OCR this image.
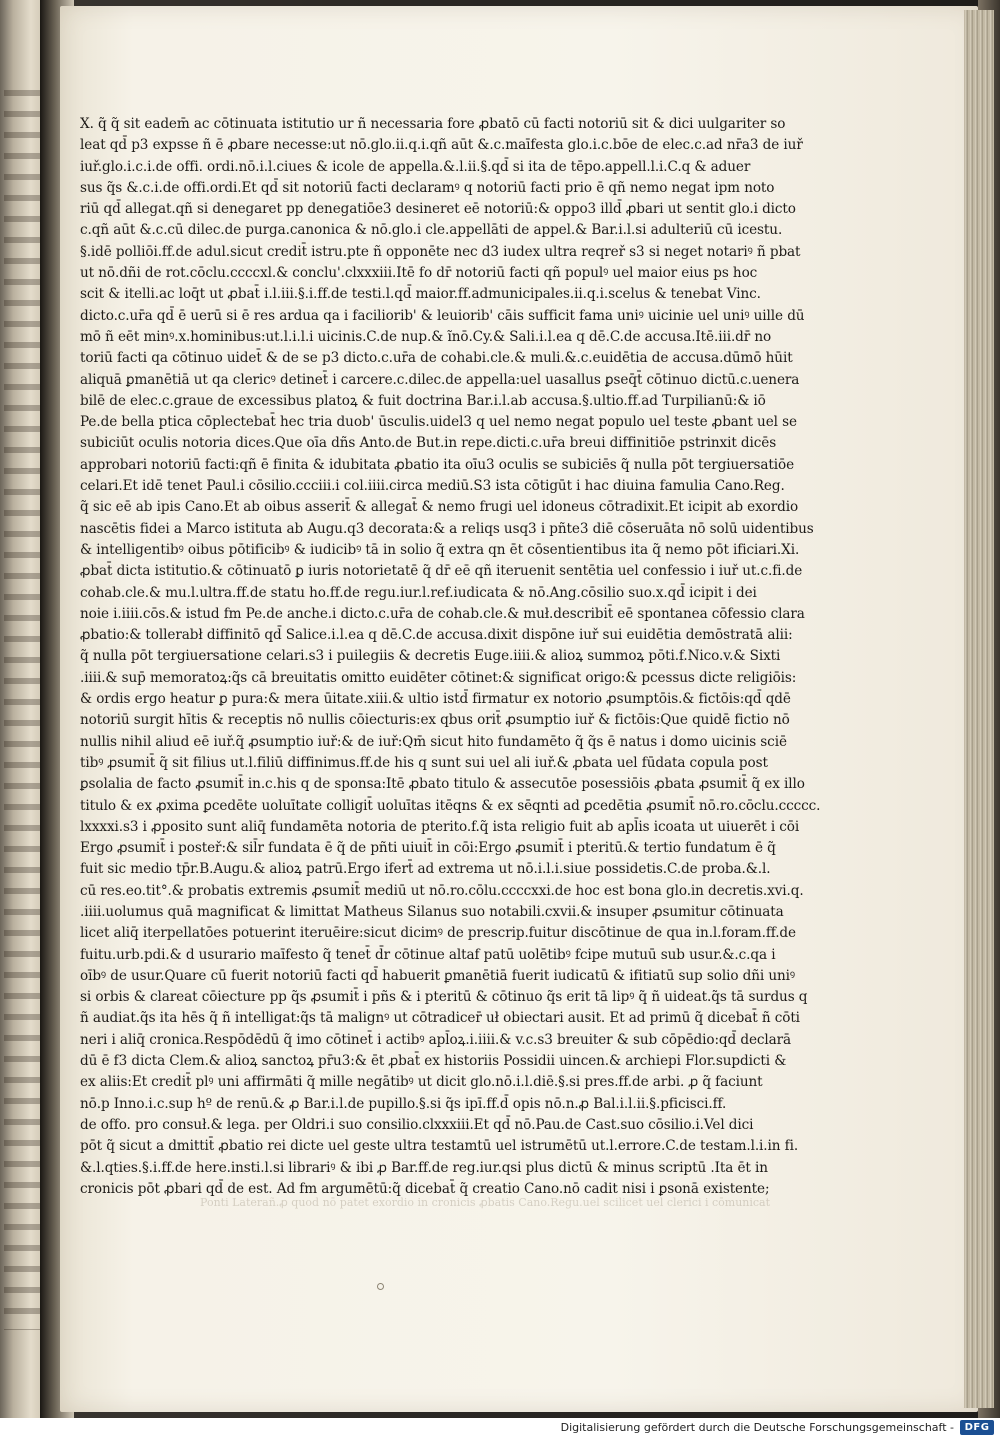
X. q̃ q̃ sit eadem̄ ac cōtinuata istitutio ur ñ necessaria fore ꝓbatō cū facti notoriū sit & dici uulgariter so
leat qd̄ p3 expsse ñ ē ꝓbare necesse:ut nō.glo.ii.q.i.qñ aūt &.c.maīfesta glo.i.c.bōe de elec.c.ad nr̄a3 de iuř
iuř.glo.i.c.i.de offi. ordi.nō.i.l.ciues & icole de appella.&.l.ii.§.qd̄ si ita de tēpo.appell.l.i.C.q & aduer
sus q̃s &.c.i.de offi.ordi.Et qd̄ sit notoriū facti declaramꝰ q notoriū facti prio ē qñ nemo negat ipm noto
riū qd̄ allegat.qñ si denegaret pp denegatiōe3 desineret eē notoriū:& oppo3 illd̄ ꝓbari ut sentit glo.i dicto
c.qñ aūt &.c.cū dilec.de purga.canonica & nō.glo.i cle.appellāti de appel.& Bar.i.l.si adulteriū cū icestu.
§.idē polliōi.ff.de adul.sicut credit̄ istru.pte ñ opponēte nec d3 iudex ultra reqreř s3 si neget notariꝰ ñ pbat
ut nō.dñi de rot.cōclu.ccccxl.& conclu'.clxxxiii.Itē fo dr̄ notoriū facti qñ populꝰ uel maior eius ps hoc
scit & itelli.ac loq̄t ut ꝓbat̄ i.l.iii.§.i.ff.de testi.l.qd̄ maior.ff.admunicipales.ii.q.i.scelus & tenebat Vinc.
dicto.c.ur̄a qd̄ ē uerū si ē res ardua qa i faciliorib' & leuiorib' cāis sufficit fama uniꝰ uicinie uel uniꝰ uille dū
mō ñ eēt minꝰ.x.hominibus:ut.l.i.l.i uicinis.C.de nup.& ĩnō.Cy.& Sali.i.l.ea q dē.C.de accusa.Itē.iii.dr̄ no
toriū facti qa cōtinuo uidet̄ & de se p3 dicto.c.ur̄a de cohabi.cle.& muli.&.c.euidētia de accusa.dūmō hūit
aliquā ꝑmanētiā ut qa clericꝰ detinet̄ i carcere.c.dilec.de appella:uel uasallus ꝑseq̄t̄ cōtinuo dictū.c.uenera
bilē de elec.c.graue de excessibus platoꝝ & fuit doctrina Bar.i.l.ab accusa.§.ultio.ff.ad Turpilianū:& iō
Pe.de bella ptica cōplectebat̄ hec tria duob' ūsculis.uidel3 q uel nemo negat populo uel teste ꝓbant uel se
subiciūt oculis notoria dices.Que oīa dñs Anto.de But.in repe.dicti.c.ur̄a breui diffinitiōe pstrinxit dicēs
approbari notoriū facti:qñ ē finita & idubitata ꝓbatio ita oīu3 oculis se subiciēs q̃ nulla pōt tergiuersatiōe
celari.Et idē tenet Paul.i cōsilio.ccciii.i col.iiii.circa mediū.S3 ista cōtigūt i hac diuina famulia Cano.Reg.
q̃ sic eē ab ipis Cano.Et ab oibus asserit̄ & allegat̄ & nemo frugi uel idoneus cōtradixit.Et icipit ab exordio
nascētis fidei a Marco istituta ab Augu.q3 decorata:& a reliqs usq3 i pñte3 diē cōseruāta nō solū uidentibus
& intelligentibꝰ oibus pōtificibꝰ & iudicibꝰ tā in solio q̃ extra qn ēt cōsentientibus ita q̃ nemo pōt ificiari.Xi.
ꝓbat̄ dicta istitutio.& cōtinuatō ꝑ iuris notorietatē q̃ dr̄ eē qñ iteruenit sentētia uel confessio i iuř ut.c.fi.de
cohab.cle.& mu.l.ultra.ff.de statu ho.ff.de regu.iur.l.ref.iudicata & nō.Ang.cōsilio suo.x.qd̄ icipit i dei
noie i.iiii.cōs.& istud fm Pe.de anche.i dicto.c.ur̄a de cohab.cle.& muł.describit̄ eē spontanea cōfessio clara
ꝓbatio:& tollerabł diffinitō qd̄ Salice.i.l.ea q dē.C.de accusa.dixit dispōne iuř sui euidētia demōstratā alii:
q̃ nulla pōt tergiuersatione celari.s3 i puilegiis & decretis Euge.iiii.& alioꝝ summoꝝ pōti.f.Nico.v.& Sixti
.iiii.& sup̄ memoratoꝝ:q̃s cā breuitatis omitto euidēter cōtinet:& significat origo:& pcessus dicte religiōis:
& ordis ergo heatur ꝑ pura:& mera ūitate.xiii.& ultio istd̄ firmatur ex notorio ꝓsumptōis.& fictōis:qd̄ qdē
notoriū surgit hītis & receptis nō nullis cōiecturis:ex qbus orit̄ ꝓsumptio iuř & fictōis:Que quidē fictio nō
nullis nihil aliud eē iuř.q̃ ꝓsumptio iuř:& de iuř:Qm̄ sicut hito fundamēto q̃ q̃s ē natus i domo uicinis sciē
tibꝰ ꝓsumit̄ q̃ sit filius ut.l.filiū diffinimus.ff.de his q sunt sui uel ali iuř.& ꝓbata uel fūdata copula post
ꝑsolalia de facto ꝓsumit̄ in.c.his q de sponsa:Itē ꝓbato titulo & assecutōe posessiōis ꝓbata ꝓsumit̄ q̃ ex illo
titulo & ex ꝓxima ꝑcedēte uoluītate colligit̄ uoluītas itēqns & ex sēqnti ad ꝑcedētia ꝓsumit̄ nō.ro.cōclu.ccccc.
lxxxxi.s3 i ꝓposito sunt aliq̄ fundamēta notoria de pterito.f.q̃ ista religio fuit ab apl̄is icoata ut uiuerēt i cōi
Ergo ꝓsumit̄ i posteř:& sil̄r fundata ē q̃ de pñti uiuit̄ in cōi:Ergo ꝓsumit̄ i pteritū.& tertio fundatum ē q̃
fuit sic medio tp̄r.B.Augu.& alioꝝ patrū.Ergo ifert̄ ad extrema ut nō.i.l.i.siue possidetis.C.de proba.&.l.
cū res.eo.tit°.& probatis extremis ꝓsumit̄ mediū ut nō.ro.cōlu.ccccxxi.de hoc est bona glo.in decretis.xvi.q.
.iiii.uolumus quā magnificat & limittat Matheus Silanus suo notabili.cxvii.& insuper ꝓsumitur cōtinuata
licet aliq̄ iterpellatōes potuerint iteruēire:sicut dicimꝰ de prescrip.fuitur discōtinue de qua in.l.foram.ff.de
fuitu.urb.pdi.& d usurario maīfesto q̃ tenet̄ d̄r cōtinue altaf patū uolētibꝰ fcipe mutuū sub usur.&.c.qa i
oībꝰ de usur.Quare cū fuerit notoriū facti qd̄ habuerit ꝑmanētiā fuerit iudicatū & ifitiatū sup solio dñi uniꝰ
si orbis & clareat cōiecture pp q̃s ꝓsumit̄ i pñs & i pteritū & cōtinuo q̃s erit tā lipꝰ q̃ ñ uideat.q̃s tā surdus q
ñ audiat.q̃s ita hēs q̃ ñ intelligat:q̃s tā malignꝰ ut cōtradicer̄ uł obiectari ausit. Et ad primū q̃ dicebat̄ ñ cōti
neri i aliq̄ cronica.Respōdēdū q̃ imo cōtinet̄ i actibꝰ apl̄oꝝ.i.iiii.& v.c.s3 breuiter & sub cōpēdio:qd̄ declarā
dū ē f3 dicta Clem.& alioꝝ sanctoꝝ pr̄u3:& ēt ꝓbat̄ ex historiis Possidii uincen.& archiepi Flor.supdicti &
ex aliis:Et credit̄ plꝰ uni affirmāti q̃ mille negātibꝰ ut dicit glo.nō.i.l.diē.§.si pres.ff.de arbi. ꝓ q̃ faciunt
nō.p Inno.i.c.sup hº de renū.& ꝓ Bar.i.l.de pupillo.§.si q̃s ipī.ff.d̄ opis nō.n.ꝓ Bal.i.l.ii.§.pficisci.ff.
de offo. pro consuł.& lega. per Oldri.i suo consilio.clxxxiii.Et qd̄ nō.Pau.de Cast.suo cōsilio.i.Vel dici
pōt q̃ sicut a dmittit̄ ꝓbatio rei dicte uel geste ultra testamtū uel istrumētū ut.l.errore.C.de testam.l.i.in fi.
&.l.qties.§.i.ff.de here.insti.l.si librariꝰ & ibi ꝓ Bar.ff.de reg.iur.qsi plus dictū & minus scriptū .Ita ēt in
cronicis pōt ꝓbari qd̄ de est. Ad fm argumētū:q̃ dicebat̄ q̃ creatio Cano.nō cadit nisi i ꝑsonā existente;
Ponti Laterañ.ꝓ quod nō patet exordio in cronicis ꝓbatis Cano.Regu.uel scilicet uel clerici i cōmunicat
Digitalisierung gefördert durch die Deutsche Forschungsgemeinschaft -	DFG
